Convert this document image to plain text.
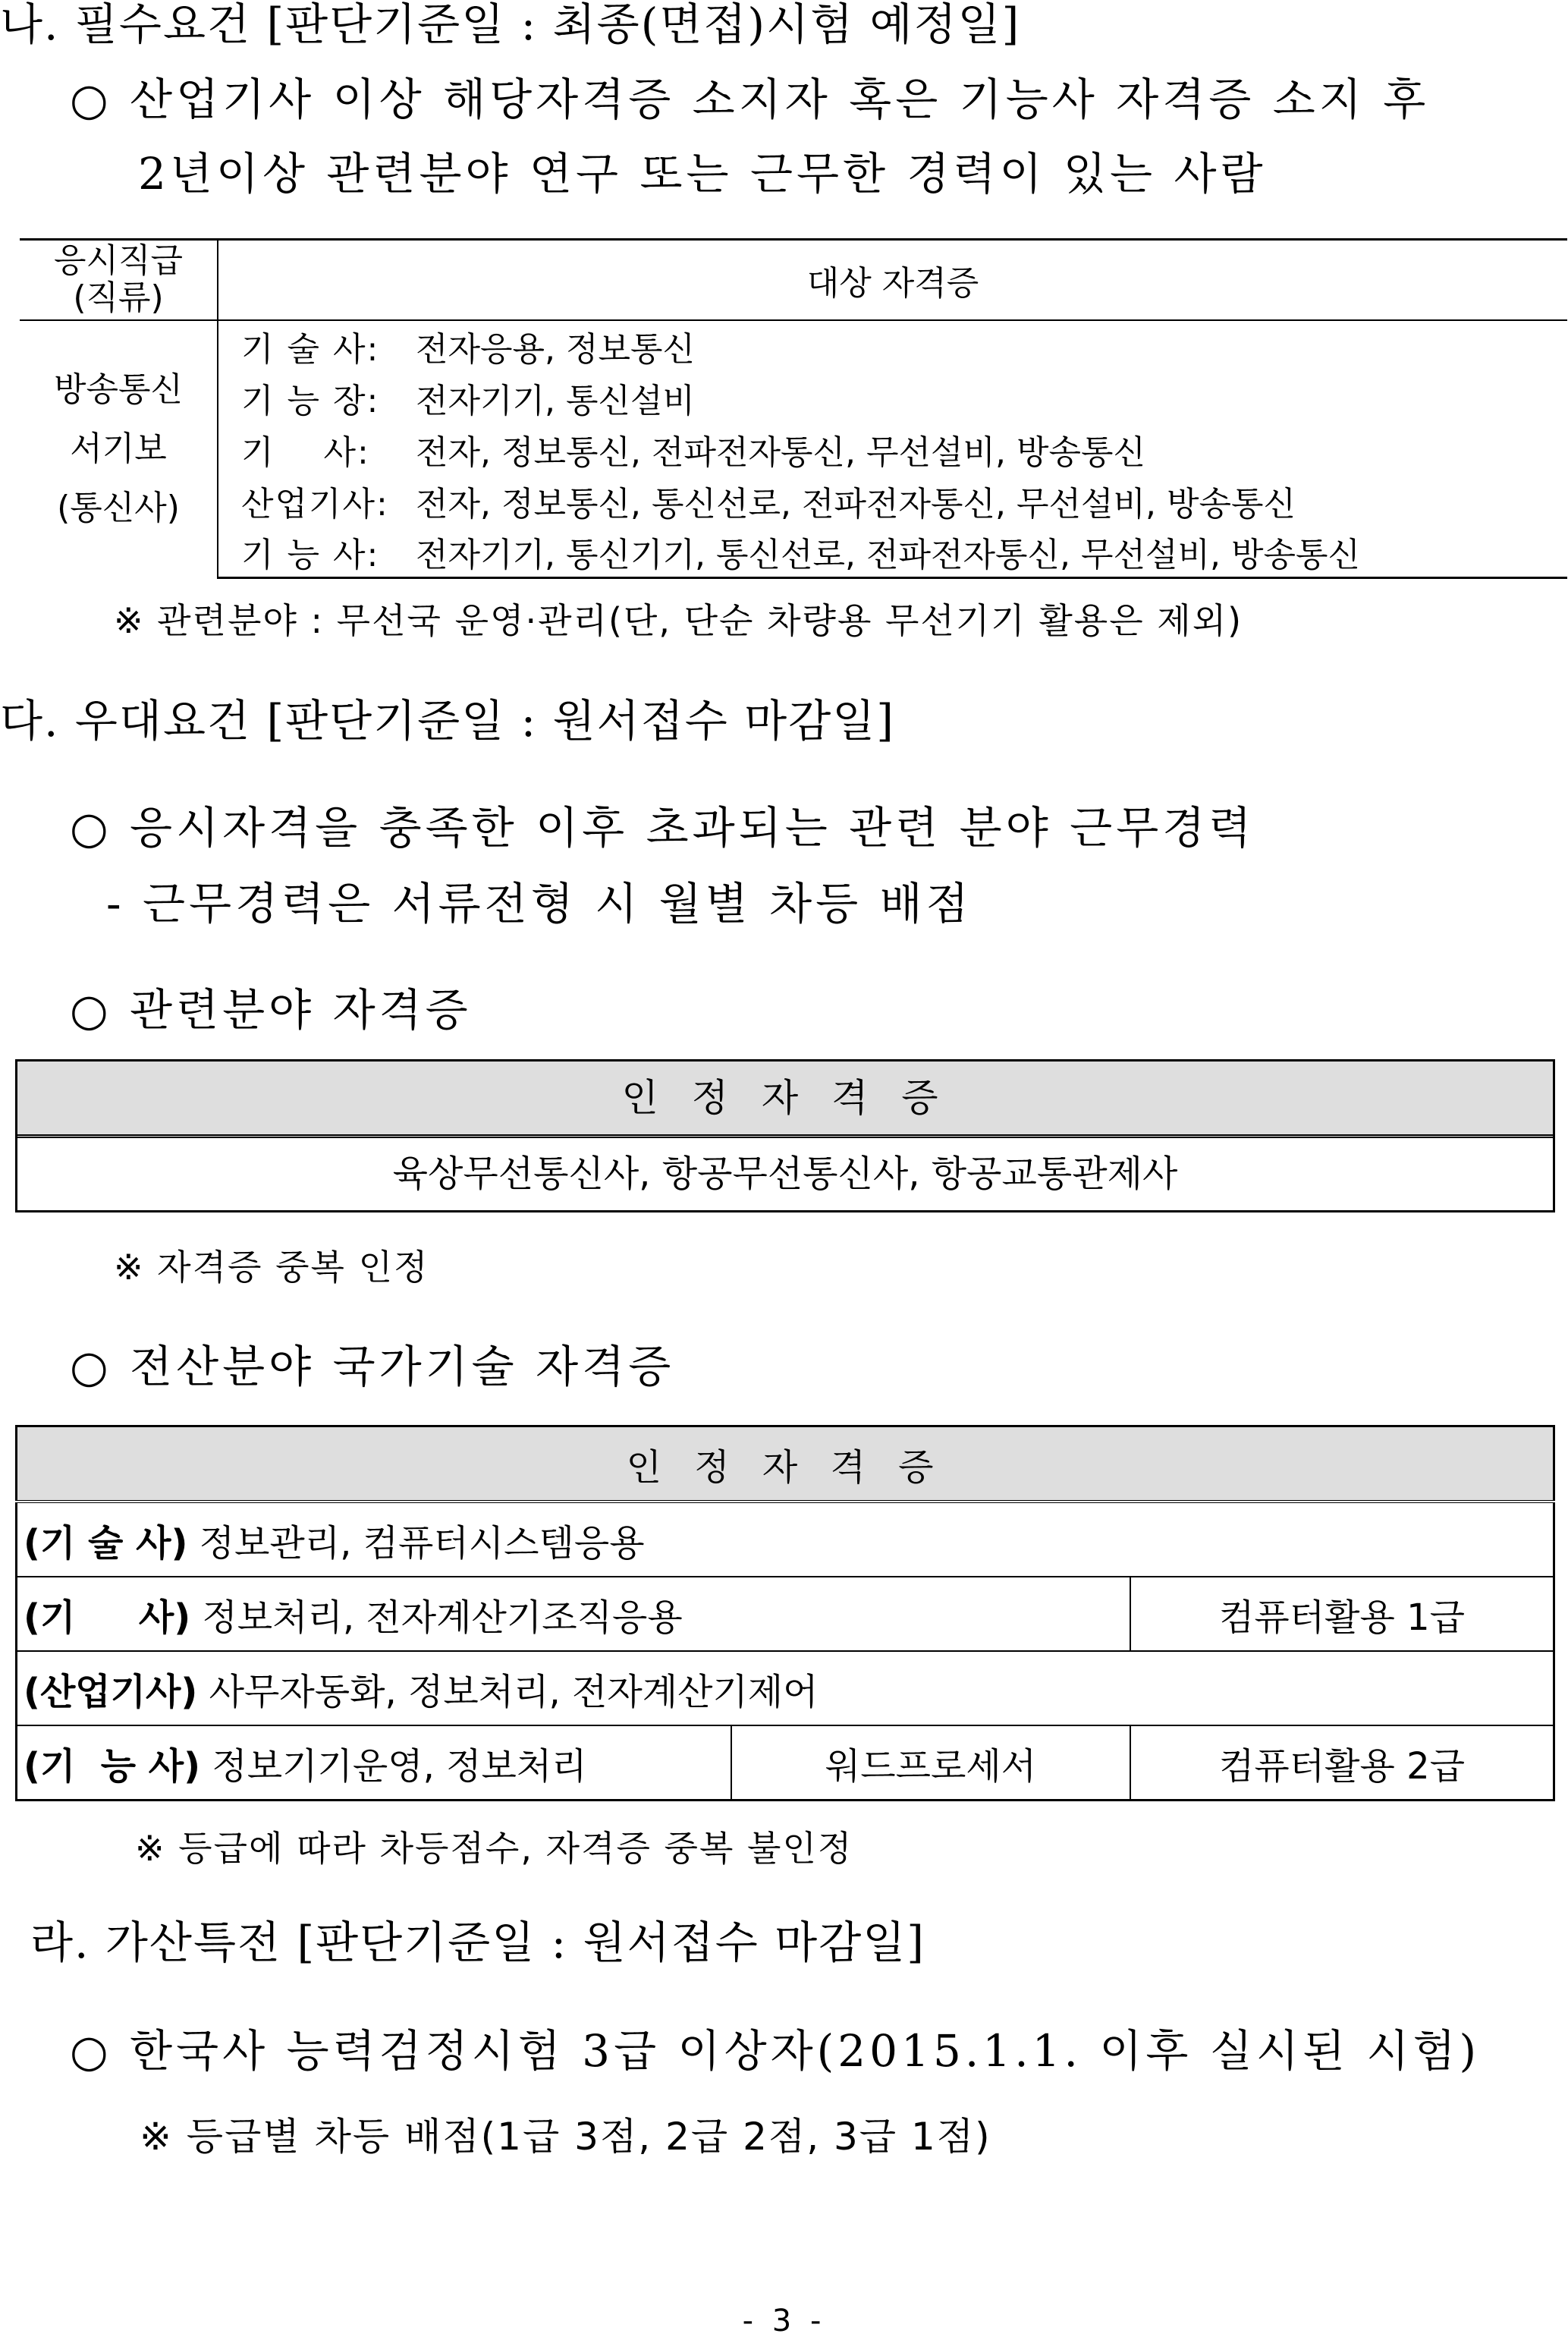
나. 필수요건 [판단기준일 : 최종(면접)시험 예정일]
○ 산업기사 이상 해당자격증 소지자 혹은 기능사 자격증 소지 후
2년이상 관련분야 연구 또는 근무한 경력이 있는 사람
응시직급
(직류)	대상 자격증

방송통신
서기보
(통신사)	기 술 사: 전자응용, 정보통신
	기 능 장: 전자기기, 통신설비
	기    사: 전자, 정보통신, 전파전자통신, 무선설비, 방송통신
	산업기사: 전자, 정보통신, 통신선로, 전파전자통신, 무선설비, 방송통신
	기 능 사: 전자기기, 통신기기, 통신선로, 전파전자통신, 무선설비, 방송통신
※ 관련분야 : 무선국 운영·관리(단, 단순 차량용 무선기기 활용은 제외)
다. 우대요건 [판단기준일 : 원서접수 마감일]
○ 응시자격을 충족한 이후 초과되는 관련 분야 근무경력
- 근무경력은 서류전형 시 월별 차등 배점
○ 관련분야 자격증
인 정 자 격 증
육상무선통신사, 항공무선통신사, 항공교통관제사
※ 자격증 중복 인정
○ 전산분야 국가기술 자격증
인 정 자 격 증		
(기 술 사) 정보관리, 컴퓨터시스템응용		
(기     사) 정보처리, 전자계산기조직응용		컴퓨터활용 1급
(산업기사) 사무자동화, 정보처리, 전자계산기제어		
(기  능 사) 정보기기운영, 정보처리	워드프로세서	컴퓨터활용 2급
※ 등급에 따라 차등점수, 자격증 중복 불인정
라. 가산특전 [판단기준일 : 원서접수 마감일]
○ 한국사 능력검정시험 3급 이상자(2015.1.1. 이후 실시된 시험)
※ 등급별 차등 배점(1급 3점, 2급 2점, 3급 1점)
- 3 -
